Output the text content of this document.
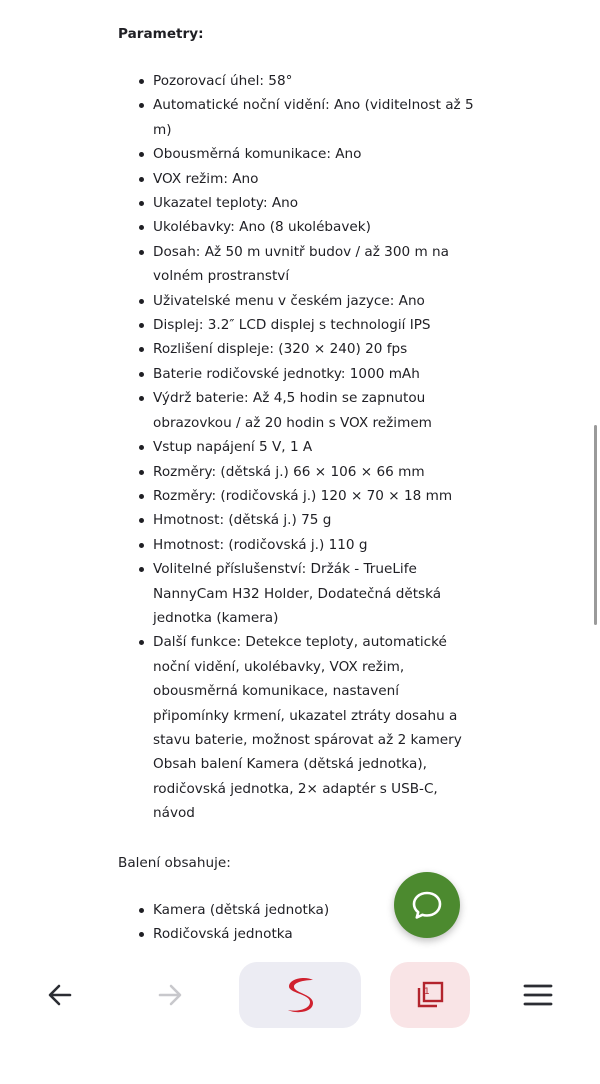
Parametry:

Pozorovací úhel: 58°
Automatické noční vidění: Ano (viditelnost až 5 m)
Obousměrná komunikace: Ano
VOX režim: Ano
Ukazatel teploty: Ano
Ukolébavky: Ano (8 ukolébavek)
Dosah: Až 50 m uvnitř budov / až 300 m na volném prostranství
Uživatelské menu v českém jazyce: Ano
Displej: 3.2″ LCD displej s technologií IPS
Rozlišení displeje: (320 × 240) 20 fps
Baterie rodičovské jednotky: 1000 mAh
Výdrž baterie: Až 4,5 hodin se zapnutou obrazovkou / až 20 hodin s VOX režimem
Vstup napájení 5 V, 1 A
Rozměry: (dětská j.) 66 × 106 × 66 mm
Rozměry: (rodičovská j.) 120 × 70 × 18 mm
Hmotnost: (dětská j.) 75 g
Hmotnost: (rodičovská j.) 110 g
Volitelné příslušenství: Držák - TrueLife NannyCam H32 Holder, Dodatečná dětská jednotka (kamera)
Další funkce: Detekce teploty, automatické noční vidění, ukolébavky, VOX režim, obousměrná komunikace, nastavení připomínky krmení, ukazatel ztráty dosahu a stavu baterie, možnost spárovat až 2 kamery
Obsah balení Kamera (dětská jednotka), rodičovská jednotka, 2× adaptér s USB-C, návod

Balení obsahuje:

Kamera (dětská jednotka)
Rodičovská jednotka
1
